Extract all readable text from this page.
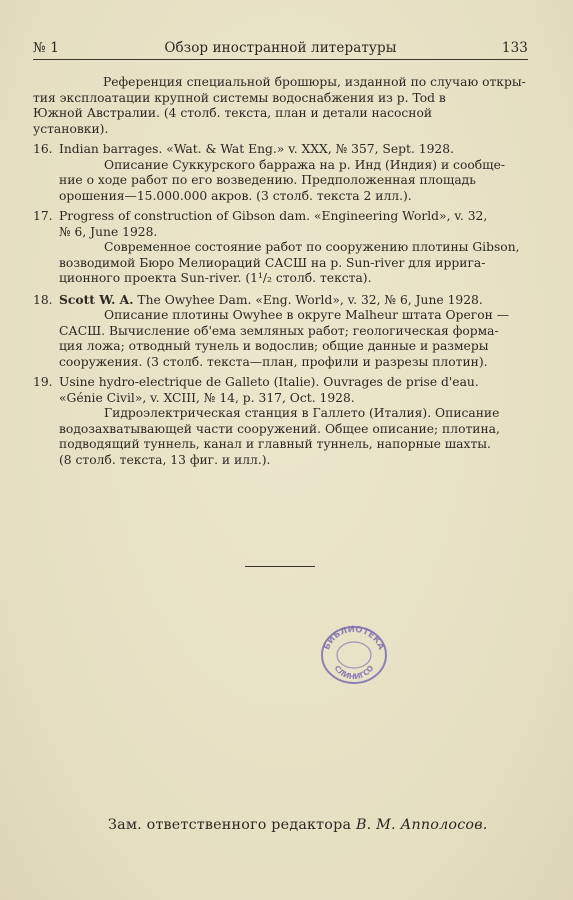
№ 1	Обзор иностранной литературы	133
Референция специальной брошюры, изданной по случаю откры-
тия эксплоатации крупной системы водоснабжения из р. Tod в
Южной Австралии. (4 столб. текста, план и детали насосной
установки).
16. Indian barrages. «Wat. & Wat Eng.» v. XXX, № 357, Sept. 1928.
Описание Суккурского барража на р. Инд (Индия) и сообще-
ние о ходе работ по его возведению. Предположенная площадь
орошения—15.000.000 акров. (3 столб. текста 2 илл.).
17. Progress of construction of Gibson dam. «Engineering World», v. 32,
№ 6, June 1928.
Современное состояние работ по сооружению плотины Gibson,
возводимой Бюро Мелиораций САСШ на р. Sun-river для ирригa-
ционного проекта Sun-river. (1¹/₂ столб. текста).
18. Scott W. A. The Owyhee Dam. «Eng. World», v. 32, № 6, June 1928.
Описание плотины Owyhee в округе Malheur штата Орегон —
САСШ. Вычисление об'ема земляных работ; геологическая форма-
ция ложа; отводный тунель и водослив; общие данные и размеры
сооружения. (3 столб. текста—план, профили и разрезы плотин).
19. Usine hydro-electrique de Galleto (Italie). Ouvrages de prise d'eau.
«Génie Civil», v. XCIII, № 14, p. 317, Oct. 1928.
Гидроэлектрическая станция в Галлето (Италия). Описание
водозахватывающей части сооружений. Общее описание; плотина,
подводящий туннель, канал и главный туннель, напорные шахты.
(8 столб. текста, 13 фиг. и илл.).
БИБЛИОТЕКА
СЛИНИГСО
Зам. ответственного редактора В. М. Апполосов.
